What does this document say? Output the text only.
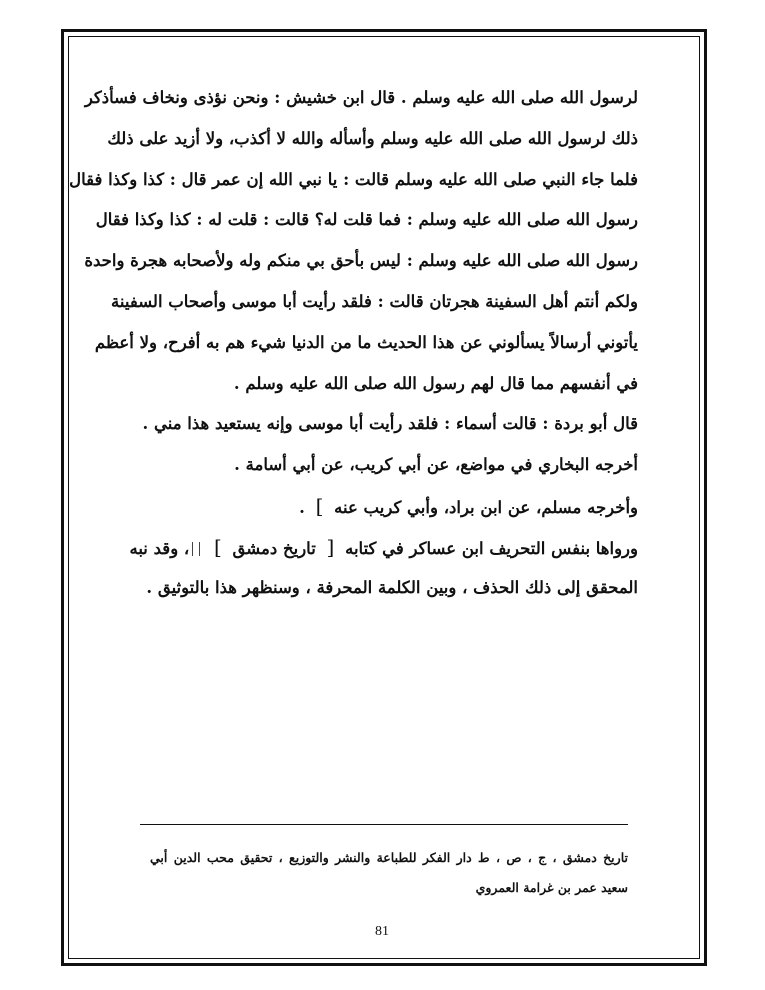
لرسول الله صلى الله عليه وسلم . قال ابن خشيش : ونحن نؤذى ونخاف فسأذكر
ذلك لرسول الله صلى الله عليه وسلم وأسأله والله لا أكذب، ولا أزيد على ذلك
فلما جاء النبي صلى الله عليه وسلم قالت : يا نبي الله إن عمر قال : كذا وكذا فقال
رسول الله صلى الله عليه وسلم : فما قلت له؟ قالت : قلت له : كذا وكذا فقال
رسول الله صلى الله عليه وسلم : ليس بأحق بي منكم وله ولأصحابه هجرة واحدة
ولكم أنتم أهل السفينة هجرتان قالت : فلقد رأيت أبا موسى وأصحاب السفينة
يأتوني أرسالاً يسألوني عن هذا الحديث ما من الدنيا شيء هم به أفرح، ولا أعظم
في أنفسهم مما قال لهم رسول الله صلى الله عليه وسلم .
قال أبو بردة : قالت أسماء : فلقد رأيت أبا موسى وإنه يستعيد هذا مني .
أخرجه البخاري في مواضع، عن أبي كريب، عن أبي أسامة .
وأخرجه مسلم، عن ابن براد، وأبي كريب عنه ] .
ورواها بنفس التحريف ابن عساكر في كتابه [ تاريخ دمشق ] ، وقد نبه
المحقق إلى ذلك الحذف ، وبين الكلمة المحرفة ، وسنظهر هذا بالتوثيق .
تاريخ دمشق ، ج ، ص ، ط دار الفكر للطباعة والنشر والتوزيع ، تحقيق محب الدين أبي
سعيد عمر بن غرامة العمروي
81
